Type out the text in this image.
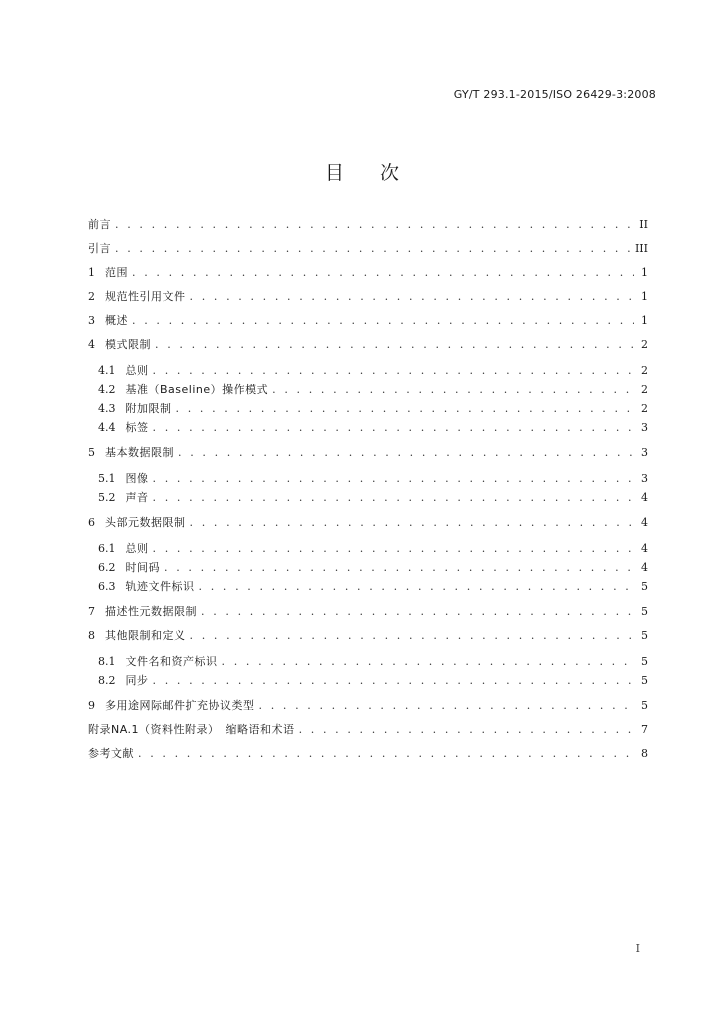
GY/T 293.1-2015/ISO 26429-3:2008
目次
前言 . . .	II
引言 . . .	III
1 范围 . . .	1
2 规范性引用文件 . . .	1
3 概述 . . .	1
4 模式限制 . . .	2
4.1 总则 . . .	2
4.2 基准（Baseline）操作模式 . . .	2
4.3 附加限制 . . .	2
4.4 标签 . . .	3
5 基本数据限制 . . .	3
5.1 图像 . . .	3
5.2 声音 . . .	4
6 头部元数据限制 . . .	4
6.1 总则 . . .	4
6.2 时间码 . . .	4
6.3 轨迹文件标识 . . .	5
7 描述性元数据限制 . . .	5
8 其他限制和定义 . . .	5
8.1 文件名和资产标识 . . .	5
8.2 同步 . . .	5
9 多用途网际邮件扩充协议类型 . . .	5
附录NA.1（资料性附录）　缩略语和术语 . . .	7
参考文献 . . .	8
I
